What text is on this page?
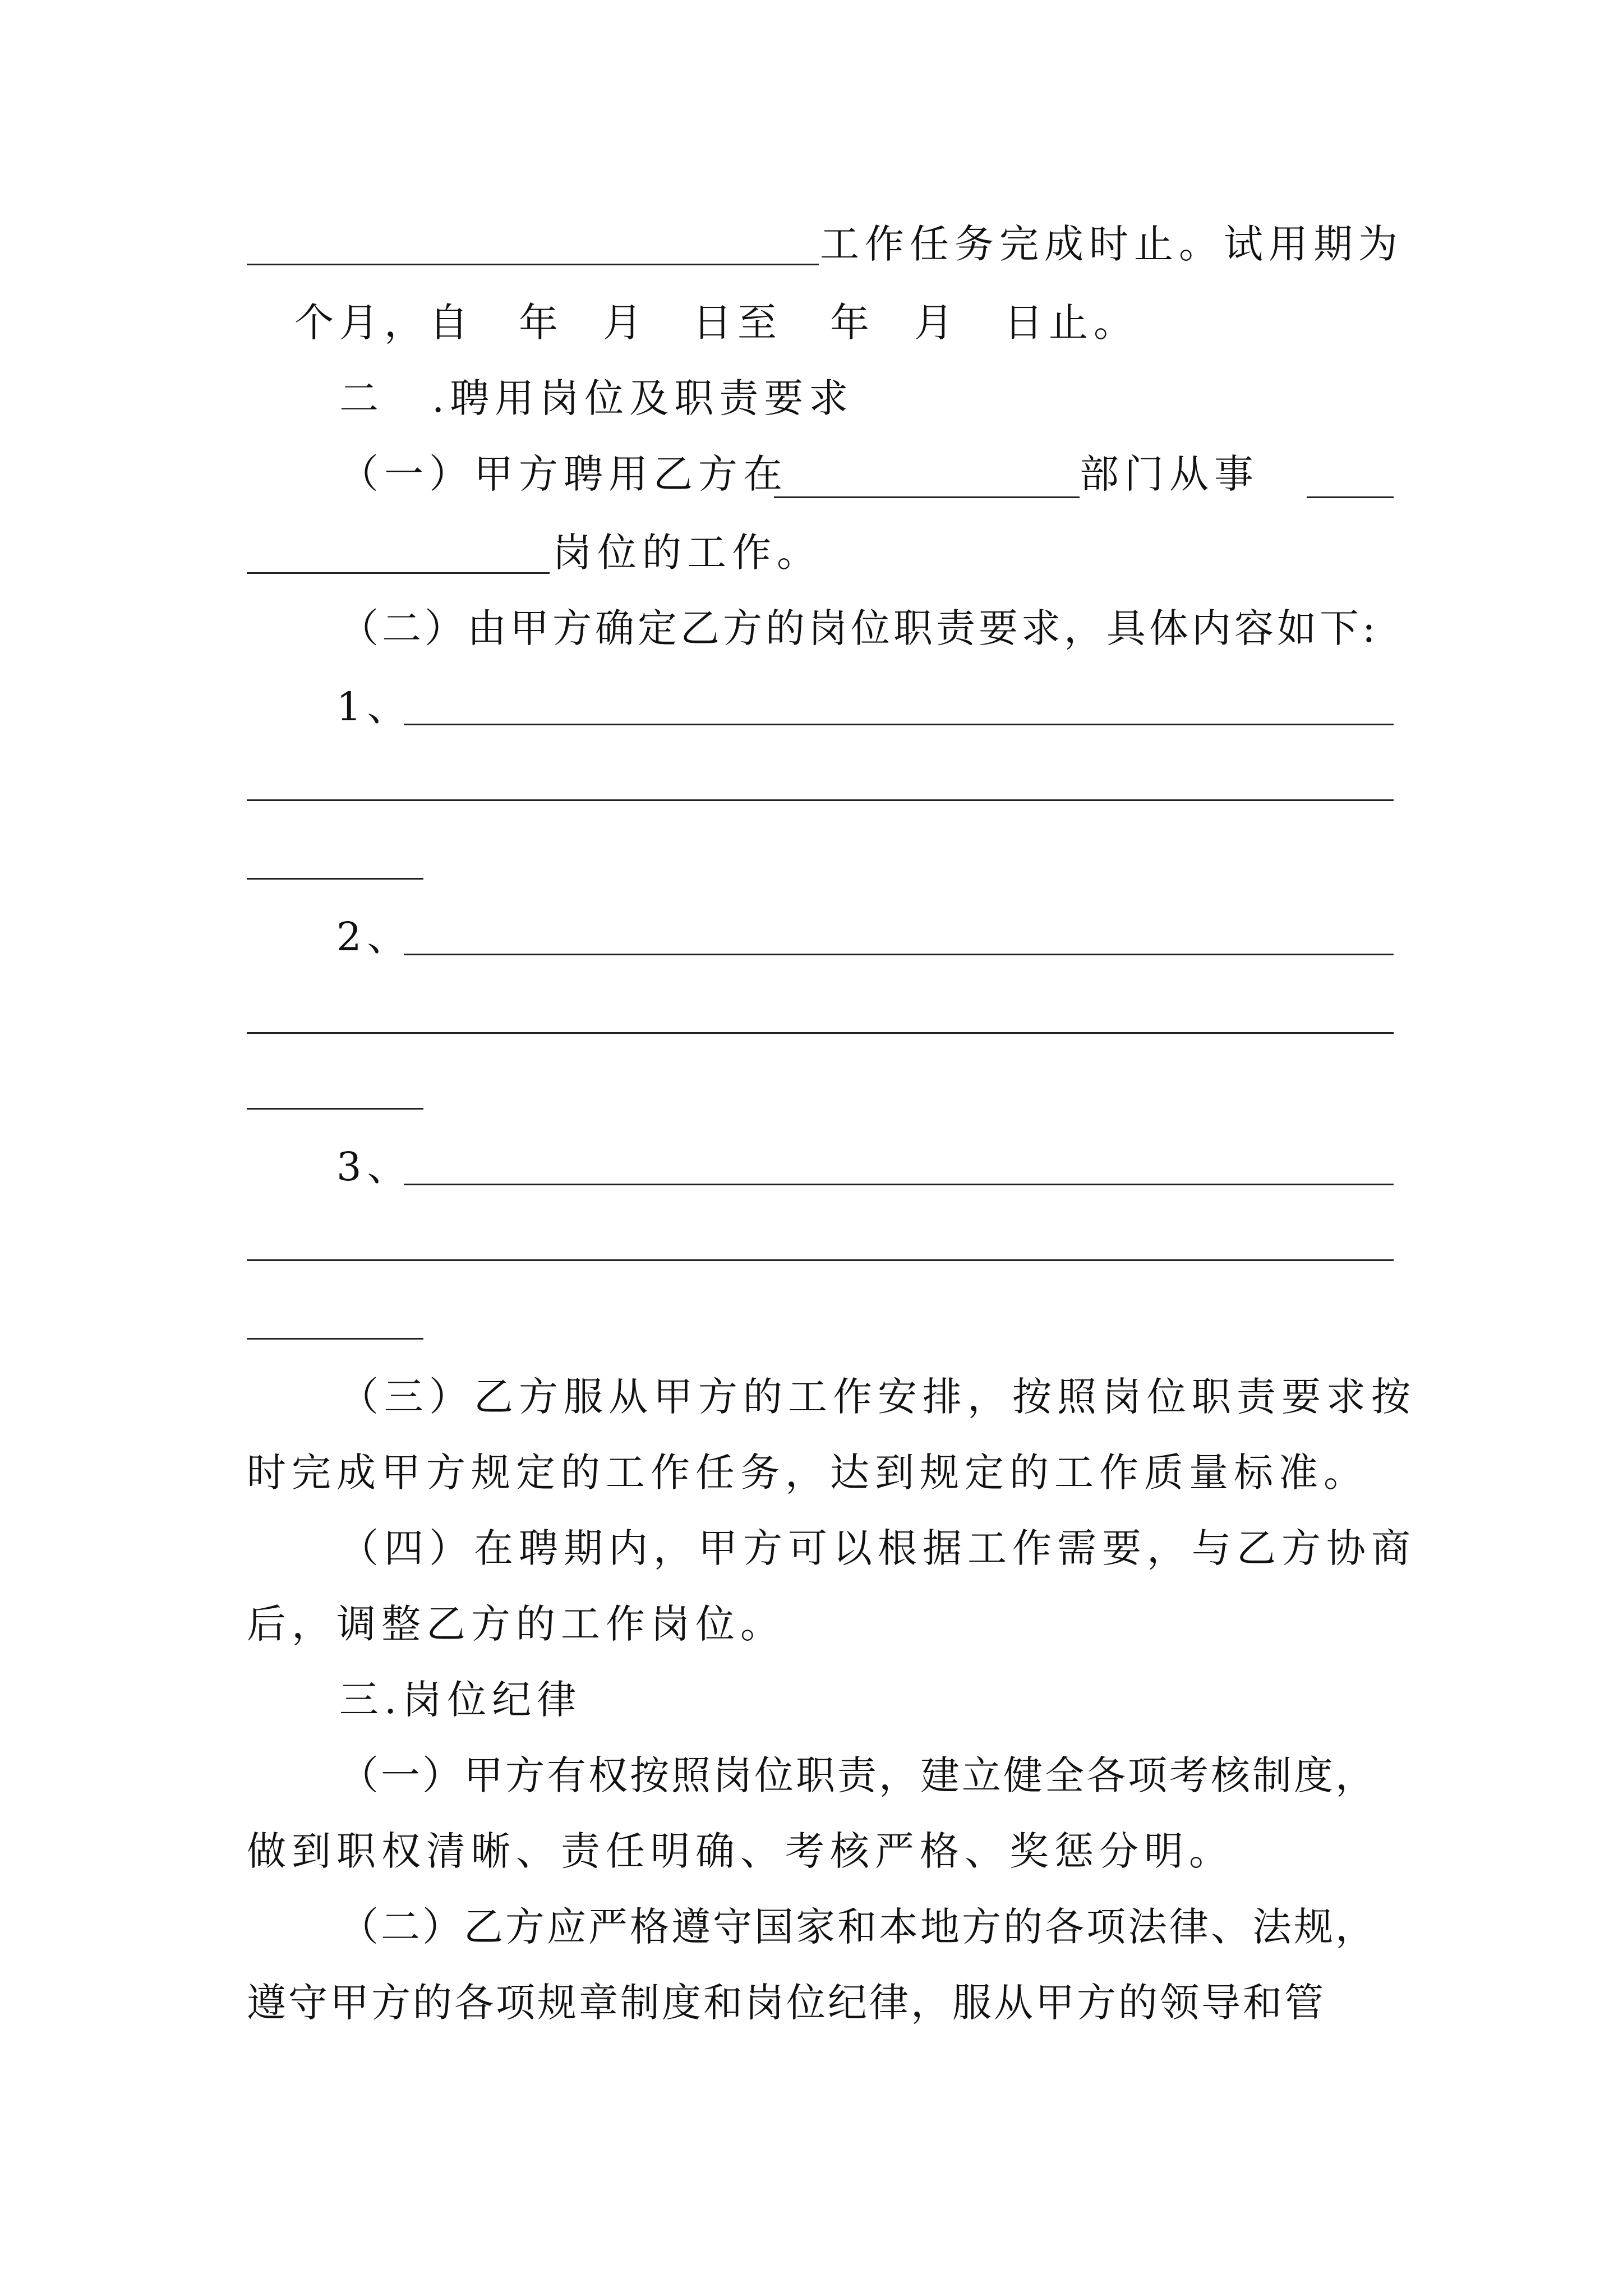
工作任务完成时止。试用期为
个月，自 年 月 日至 年 月 日止。
二 .聘用岗位及职责要求
（一）甲方聘用乙方在	部门从事
岗位的工作。
（二）由甲方确定乙方的岗位职责要求，具体内容如下:
1、
2、
3、
（三）乙方服从甲方的工作安排，按照岗位职责要求按
时完成甲方规定的工作任务，达到规定的工作质量标准。
（四）在聘期内，甲方可以根据工作需要，与乙方协商
后，调整乙方的工作岗位。
三.岗位纪律
（一）甲方有权按照岗位职责，建立健全各项考核制度，
做到职权清晰、责任明确、考核严格、奖惩分明。
（二）乙方应严格遵守国家和本地方的各项法律、法规，
遵守甲方的各项规章制度和岗位纪律，服从甲方的领导和管
